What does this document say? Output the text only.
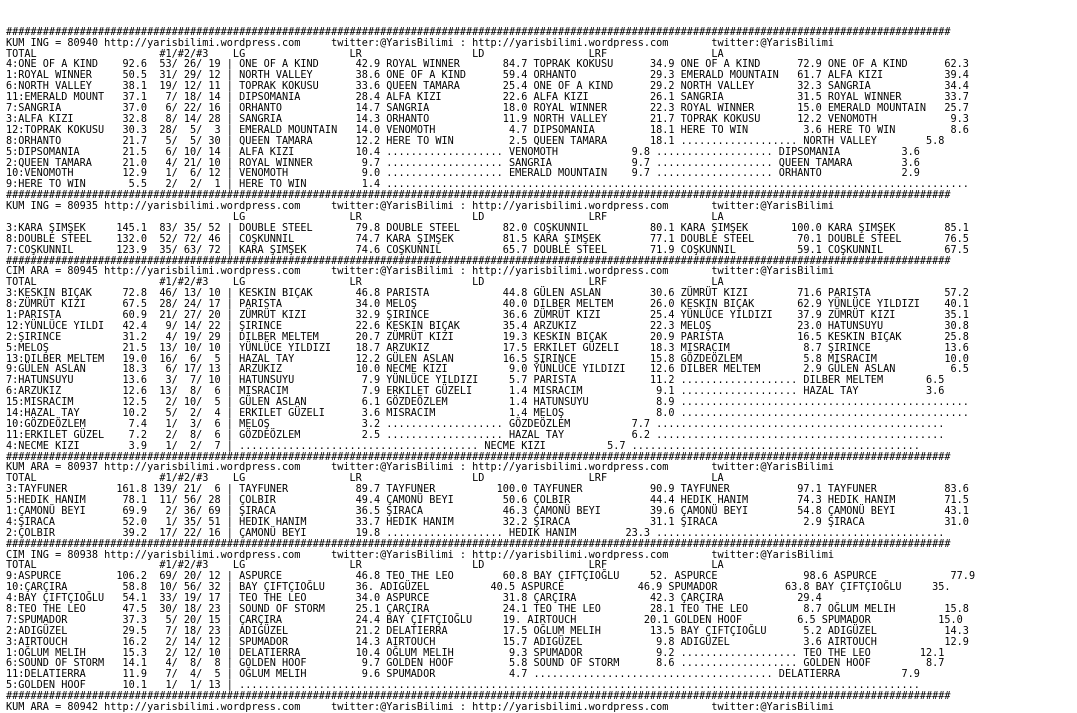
##########################################################################################################################################################
KUM ING = 80940 http://yarisbilimi.wordpress.com     twitter:@YarisBilimi : http://yarisbilimi.wordpress.com       twitter:@YarisBilimi
TOTAL                    #1/#2/#3    LG                 LR                  LD                 LRF                 LA
4:ONE OF A KIND    92.6  53/ 26/ 19 | ONE OF A KIND      42.9 ROYAL WINNER       84.7 TOPRAK KOKUSU      34.9 ONE OF A KIND      72.9 ONE OF A KIND      62.3
1:ROYAL WINNER     50.5  31/ 29/ 12 | NORTH VALLEY       38.6 ONE OF A KIND      59.4 ORHANTO            29.3 EMERALD MOUNTAIN   61.7 ALFA KIZI          39.4
6:NORTH VALLEY     38.1  19/ 12/ 11 | TOPRAK KOKUSU      33.6 QUEEN TAMARA       25.4 ONE OF A KIND      29.2 NORTH VALLEY       32.3 SANGRIA            34.4
11:EMERALD MOUNT   37.1   7/ 18/ 14 | DIPSOMANIA         28.4 ALFA KIZI          22.6 ALFA KIZI          26.1 SANGRIA            31.5 ROYAL WINNER       33.7
7:SANGRIA          37.0   6/ 22/ 16 | ORHANTO            14.7 SANGRIA            18.0 ROYAL WINNER       22.3 ROYAL WINNER       15.0 EMERALD MOUNTAIN   25.7
3:ALFA KIZI        32.8   8/ 14/ 28 | SANGRIA            14.3 ORHANTO            11.9 NORTH VALLEY       21.7 TOPRAK KOKUSU      12.2 VENOMOTH            9.3
12:TOPRAK KOKUSU   30.3  28/  5/  3 | EMERALD MOUNTAIN   14.0 VENOMOTH            4.7 DIPSOMANIA         18.1 HERE TO WIN         3.6 HERE TO WIN         8.6
8:ORHANTO          21.7   5/  5/ 30 | QUEEN TAMARA       12.2 HERE TO WIN         2.5 QUEEN TAMARA       18.1 ................... NORTH VALLEY        5.8
5:DIPSOMANIA       21.5   6/ 10/ 14 | ALFA KIZI          10.4 ................... VENOMOTH            9.8 ................... DIPSOMANIA          3.6
2:QUEEN TAMARA     21.0   4/ 21/ 10 | ROYAL WINNER        9.7 ................... SANGRIA             9.7 ................... QUEEN TAMARA        3.6
10:VENOMOTH        12.9   1/  6/ 12 | VENOMOTH            9.0 ................... EMERALD MOUNTAIN    9.7 ................... ORHANTO             2.9
9:HERE TO WIN       5.5   2/  2/  1 | HERE TO WIN         1.4 ...............................................................................................
##########################################################################################################################################################
KUM ING = 80935 http://yarisbilimi.wordpress.com     twitter:@YarisBilimi : http://yarisbilimi.wordpress.com       twitter:@YarisBilimi
LG                 LR                  LD                 LRF                 LA
3:KARA ŞIMŞEK     145.1  83/ 35/ 52 | DOUBLE STEEL       79.8 DOUBLE STEEL       82.0 COŞKUNNIL          80.1 KARA ŞIMŞEK       100.0 KARA ŞIMŞEK        85.1
8:DOUBLE STEEL    132.0  52/ 72/ 46 | COŞKUNNIL          74.7 KARA ŞIMŞEK        81.5 KARA ŞIMŞEK        77.1 DOUBLE STEEL       70.1 DOUBLE STEEL       76.5
7:COŞKUNNIL       123.9  35/ 63/ 72 | KARA ŞIMŞEK        74.6 COŞKUNNIL          65.7 DOUBLE STEEL       71.9 COŞKUNNIL          59.1 COŞKUNNIL          67.5
##########################################################################################################################################################
CIM ARA = 80945 http://yarisbilimi.wordpress.com     twitter:@YarisBilimi : http://yarisbilimi.wordpress.com       twitter:@YarisBilimi
TOTAL                    #1/#2/#3    LG                 LR                  LD                 LRF                 LA
3:KESKIN BIÇAK     72.8  46/ 13/ 10 | KESKIN BIÇAK       46.8 PARISTA            44.8 GÜLEN ASLAN        30.6 ZÜMRÜT KIZI        71.6 PARISTA            57.2
8:ZÜMRÜT KIZI      67.5  28/ 24/ 17 | PARISTA            34.0 MELOŞ              40.0 DILBER MELTEM      26.0 KESKIN BIÇAK       62.9 YÜNLÜCE YILDIZI    40.1
1:PARISTA          60.9  21/ 27/ 20 | ZÜMRÜT KIZI        32.9 ŞIRINCE            36.6 ZÜMRÜT KIZI        25.4 YÜNLÜCE YILDIZI    37.9 ZÜMRÜT KIZI        35.1
12:YÜNLÜCE YILDI   42.4   9/ 14/ 22 | ŞIRINCE            22.6 KESKIN BIÇAK       35.4 ARZUKIZ            22.3 MELOŞ              23.0 HATUNSUYU          30.8
2:ŞIRINCE          31.2   4/ 19/ 29 | DILBER MELTEM      20.7 ZÜMRÜT KIZI        19.3 KESKIN BIÇAK       20.9 PARISTA            16.5 KESKIN BIÇAK       25.8
5:MELOŞ            21.5  13/ 10/ 10 | YÜNLÜCE YILDIZI    18.7 ARZUKIZ            17.5 ERKILET GÜZELI     18.3 MISRACIM            8.7 ŞIRINCE            13.6
13:DILBER MELTEM   19.0  16/  6/  5 | HAZAL TAY          12.2 GÜLEN ASLAN        16.5 ŞIRINCE            15.8 GÖZDEÖZLEM          5.8 MISRACIM           10.0
9:GÜLEN ASLAN      18.3   6/ 17/ 13 | ARZUKIZ            10.0 NECME KIZI          9.0 YÜNLÜCE YILDIZI    12.6 DILBER MELTEM       2.9 GÜLEN ASLAN         6.5
7:HATUNSUYU        13.6   3/  7/ 10 | HATUNSUYU           7.9 YÜNLÜCE YILDIZI     5.7 PARISTA            11.2 ................... DILBER MELTEM       6.5
6:ARZUKIZ          12.6  13/  8/  6 | MISRACIM            7.9 ERKILET GÜZELI      1.4 MISRACIM            9.1 ................... HAZAL TAY           3.6
15:MISRACIM        12.5   2/ 10/  5 | GÜLEN ASLAN         6.1 GÖZDEÖZLEM          1.4 HATUNSUYU           8.9 ...............................................
14:HAZAL TAY       10.2   5/  2/  4 | ERKILET GÜZELI      3.6 MISRACIM            1.4 MELOŞ               8.0 ...............................................
10:GÖZDEÖZLEM       7.4   1/  3/  6 | MELOŞ               3.2 ................... GÖZDEÖZLEM          7.7 ...............................................
11:ERKILET GÜZEL    7.2   2/  8/  6 | GÖZDEÖZLEM          2.5 ................... HAZAL TAY           6.2 ...............................................
4:NECME KIZI        3.9   1/  2/  7 | ....................................... NECME KIZI          5.7 ...............................................
##########################################################################################################################################################
KUM ARA = 80937 http://yarisbilimi.wordpress.com     twitter:@YarisBilimi : http://yarisbilimi.wordpress.com       twitter:@YarisBilimi
TOTAL                    #1/#2/#3    LG                 LR                  LD                 LRF                 LA
3:TAYFUNER        161.8 139/ 21/  6 | TAYFUNER           89.7 TAYFUNER          100.0 TAYFUNER           90.9 TAYFUNER           97.1 TAYFUNER           83.6
5:HEDIK HANIM      78.1  11/ 56/ 28 | ÇOLBIR             49.4 ÇAMONÜ BEYI        50.6 ÇOLBIR             44.4 HEDIK HANIM        74.3 HEDIK HANIM        71.5
1:ÇAMONÜ BEYI      69.9   2/ 36/ 69 | ŞIRACA             36.5 ŞIRACA             46.3 ÇAMONÜ BEYI        39.6 ÇAMONÜ BEYI        54.8 ÇAMONÜ BEYI        43.1
4:ŞIRACA           52.0   1/ 35/ 51 | HEDIK HANIM        33.7 HEDIK HANIM        32.2 ŞIRACA             31.1 ŞIRACA              2.9 ŞIRACA             31.0
2:ÇOLBIR           39.2  17/ 22/ 16 | ÇAMONÜ BEYI        19.8 ................... HEDIK HANIM        23.3 ...............................................
##########################################################################################################################################################
CIM ING = 80938 http://yarisbilimi.wordpress.com     twitter:@YarisBilimi : http://yarisbilimi.wordpress.com       twitter:@YarisBilimi
TOTAL                    #1/#2/#3    LG                 LR                  LD                 LRF                 LA
9:ASPURCE         106.2  69/ 20/ 12 | ASPURCE            46.8 TEO THE LEO        60.8 BAY ÇIFTÇIOĞLU     52. ASPURCE              98.6 ASPURCE            77.9
10:ÇARÇIRA         58.8  10/ 56/ 32 | BAY ÇIFTÇIOĞLU     36. ADIGÜZEL          40.5 ASPURCE            46.9 SPUMADOR           63.8 BAY ÇIFTÇIOĞLU     35.
4:BAY ÇIFTÇIOĞLU   54.1  33/ 19/ 17 | TEO THE LEO        34.0 ASPURCE            31.8 ÇARÇIRA            42.3 ÇARÇIRA            29.4
8:TEO THE LEO      47.5  30/ 18/ 23 | SOUND OF STORM     25.1 ÇARÇIRA            24.1 TEO THE LEO        28.1 TEO THE LEO         8.7 OĞLUM MELIH        15.8
7:SPUMADOR         37.3   5/ 20/ 15 | ÇARÇIRA            24.4 BAY ÇIFTÇIOĞLU     19. AIRTOUCH           20.1 GOLDEN HOOF         6.5 SPUMADOR           15.0
2:ADIGÜZEL         29.5   7/ 18/ 23 | ADIGÜZEL           21.2 DELATIERRA         17.5 OĞLUM MELIH        13.5 BAY ÇIFTÇIOĞLU      5.2 ADIGÜZEL           14.3
3:AIRTOUCH         16.2   2/ 14/ 12 | SPUMADOR           14.3 AIRTOUCH           15.7 ADIGÜZEL            9.8 ADIGÜZEL            3.6 AIRTOUCH           12.9
1:OĞLUM MELIH      15.3   2/ 12/ 10 | DELATIERRA         10.4 OĞLUM MELIH         9.3 SPUMADOR            9.2 ................... TEO THE LEO        12.1
6:SOUND OF STORM   14.1   4/  8/  8 | GOLDEN HOOF         9.7 GOLDEN HOOF         5.8 SOUND OF STORM      8.6 ................... GOLDEN HOOF         8.7
11:DELATIERRA      11.9   7/  4/  5 | OĞLUM MELIH         9.6 SPUMADOR            4.7 ....................................... DELATIERRA          7.9
5:GOLDEN HOOF      10.1   1/  1/ 13 | ...............................................................................................................
##########################################################################################################################################################
KUM ARA = 80942 http://yarisbilimi.wordpress.com     twitter:@YarisBilimi : http://yarisbilimi.wordpress.com       twitter:@YarisBilimi
